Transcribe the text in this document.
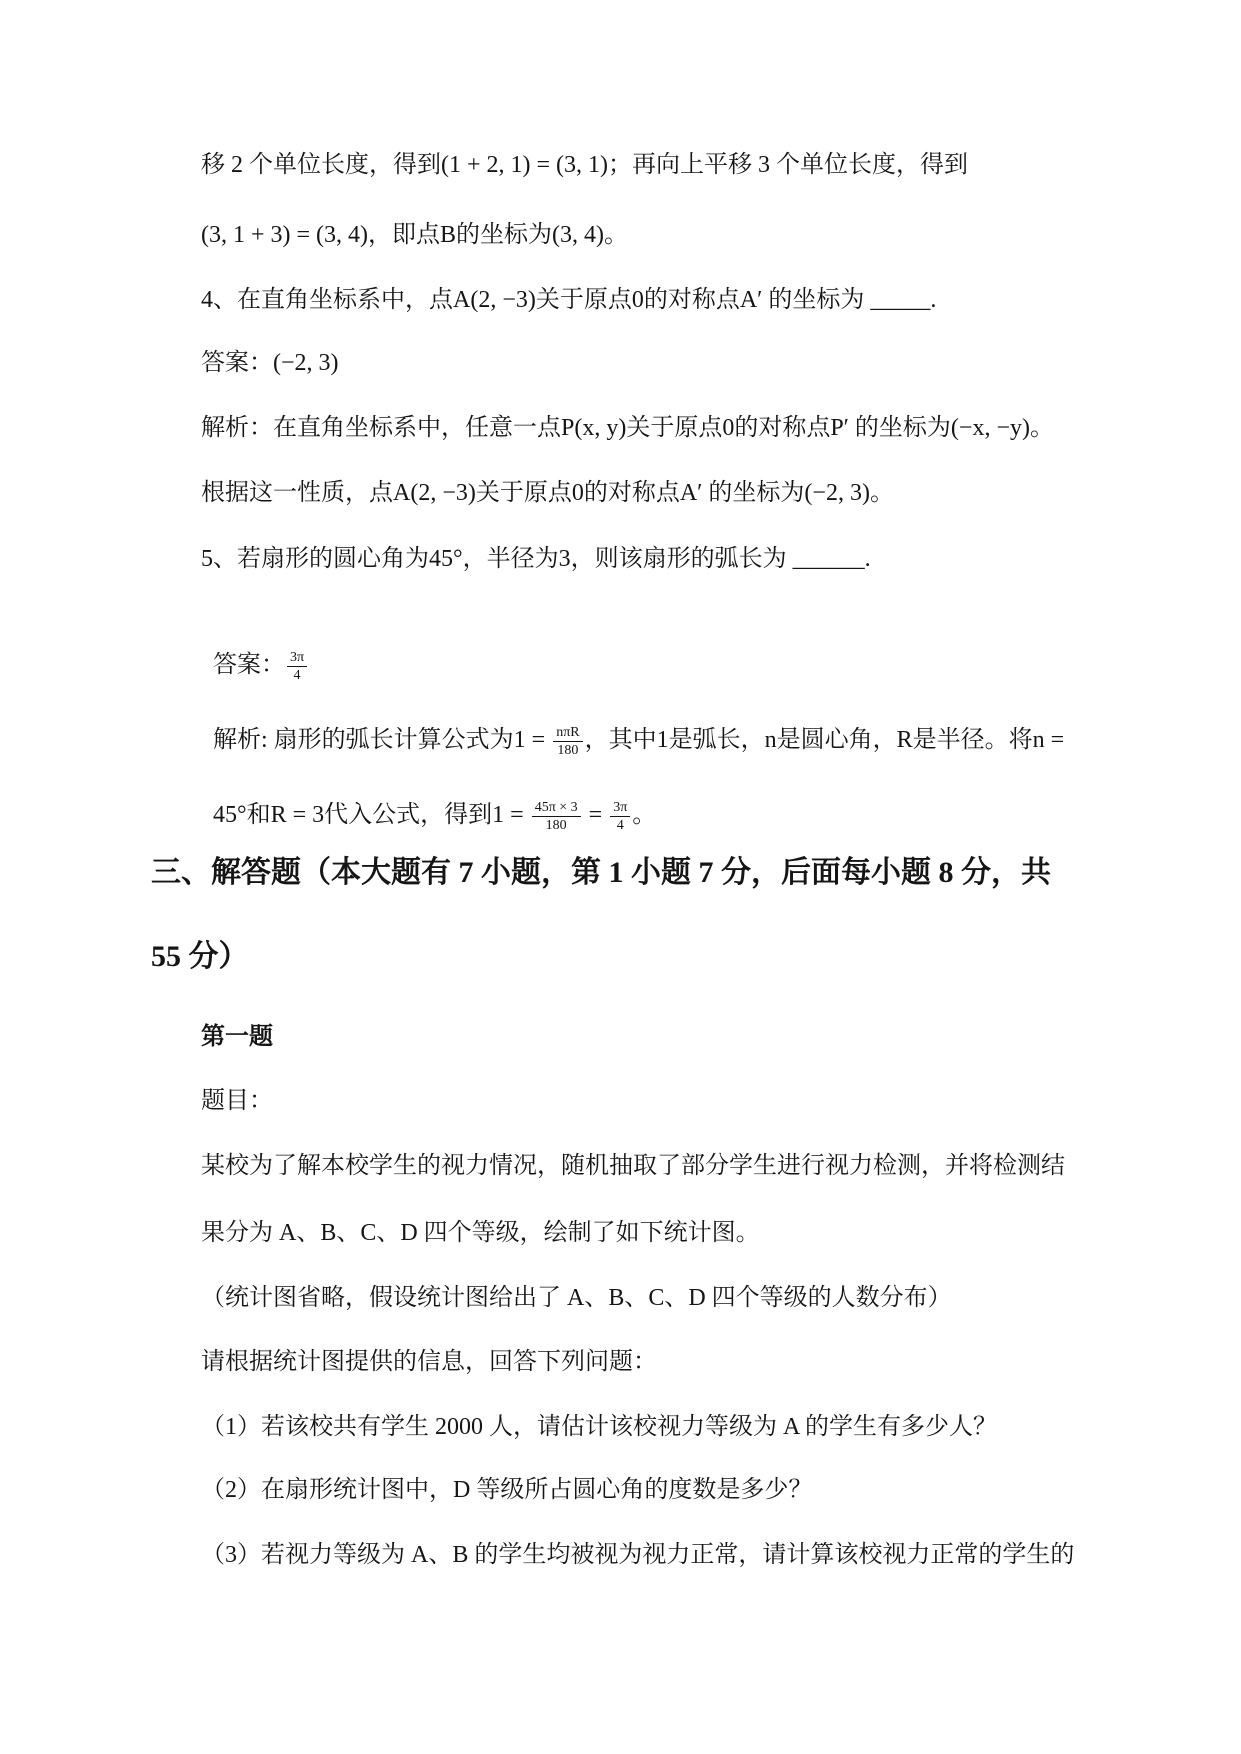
移 2 个单位长度，得到(1 + 2, 1) = (3, 1)；再向上平移 3 个单位长度，得到
(3, 1 + 3) = (3, 4)，即点B的坐标为(3, 4)。
4、在直角坐标系中，点A(2, −3)关于原点0的对称点A′ 的坐标为 _____.
答案：(−2, 3)
解析：在直角坐标系中，任意一点P(x, y)关于原点0的对称点P′ 的坐标为(−x, −y)。
根据这一性质，点A(2, −3)关于原点0的对称点A′ 的坐标为(−2, 3)。
5、若扇形的圆心角为45°，半径为3，则该扇形的弧长为 ______.

答案： $\frac{3\pi}{4}$

解析: 扇形的弧长计算公式为$1 = \frac{\text{nπR}}{180}$ ，其中1是弧长，n是圆心角，R是半径。将n =

45°和R = 3代入公式，得到$1 = \frac{45\pi \times 3}{180} = \frac{3\pi}{4}$ 。

三、解答题（本大题有 7 小题，第 1 小题 7 分，后面每小题 8 分，共
55 分）
第一题
题目：
某校为了解本校学生的视力情况，随机抽取了部分学生进行视力检测，并将检测结
果分为 A、B、C、D 四个等级，绘制了如下统计图。
（统计图省略，假设统计图给出了 A、B、C、D 四个等级的人数分布）
请根据统计图提供的信息，回答下列问题：
（1）若该校共有学生 2000 人，请估计该校视力等级为 A 的学生有多少人？
（2）在扇形统计图中，D 等级所占圆心角的度数是多少？
（3）若视力等级为 A、B 的学生均被视为视力正常，请计算该校视力正常的学生的
